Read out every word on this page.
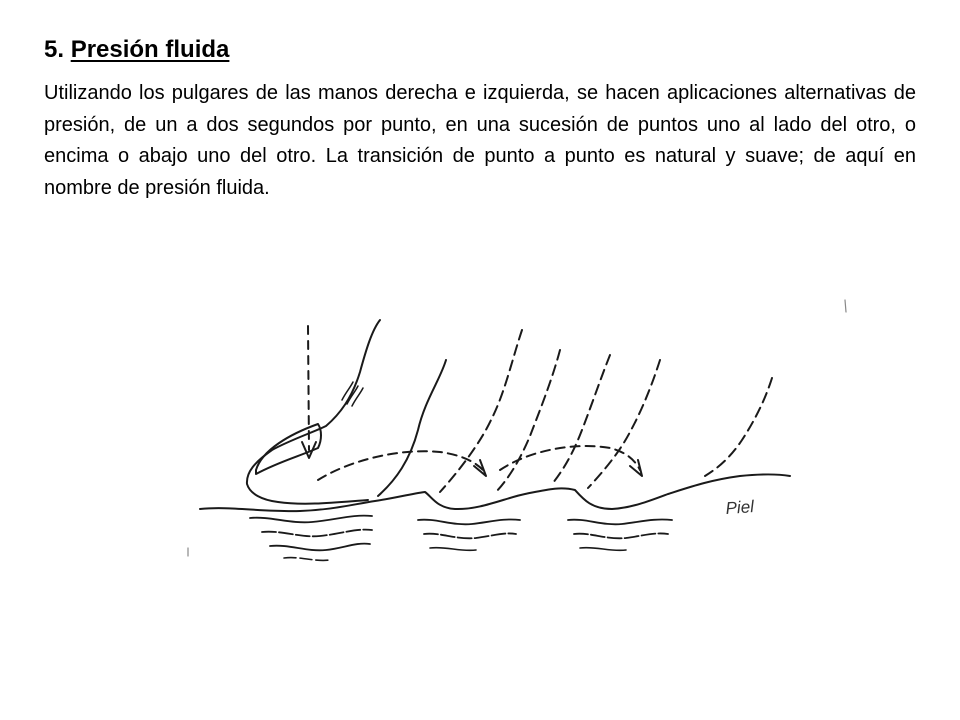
5. Presión fluida

Utilizando los pulgares de las manos derecha e izquierda, se hacen aplicaciones alternativas de presión, de un a dos segundos por punto, en una sucesión de puntos uno al lado del otro, o encima o abajo uno del otro. La transición de punto a punto es natural y suave; de aquí en nombre de presión fluida.

Piel
